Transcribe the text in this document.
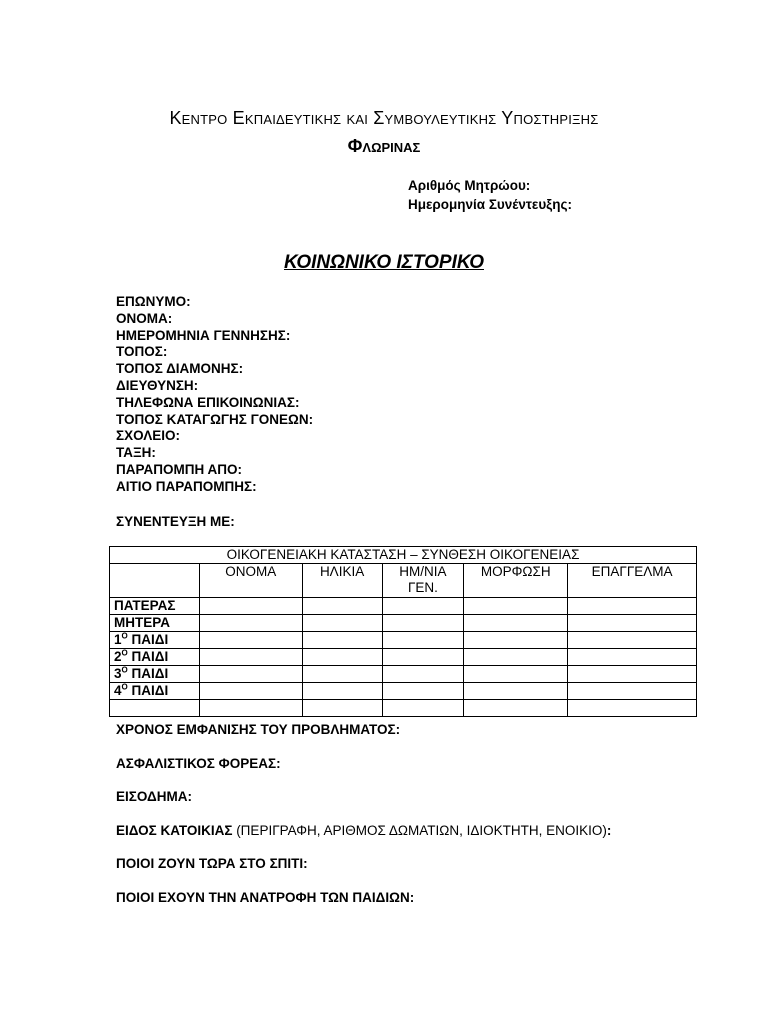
Κεντρο Εκπαιδευτικης και Συμβουλευτικης Υποστηριξης
Φλωρινας
Αριθμός Μητρώου:
Ημερομηνία Συνέντευξης:
ΚΟΙΝΩΝΙΚΟ ΙΣΤΟΡΙΚΟ
ΕΠΩΝΥΜΟ:
ΟΝΟΜΑ:
ΗΜΕΡΟΜΗΝΙΑ ΓΕΝΝΗΣΗΣ:
ΤΟΠΟΣ:
ΤΟΠΟΣ ΔΙΑΜΟΝΗΣ:
ΔΙΕΥΘΥΝΣΗ:
ΤΗΛΕΦΩΝΑ ΕΠΙΚΟΙΝΩΝΙΑΣ:
ΤΟΠΟΣ ΚΑΤΑΓΩΓΗΣ ΓΟΝΕΩΝ:
ΣΧΟΛΕΙΟ:
ΤΑΞΗ:
ΠΑΡΑΠΟΜΠΗ ΑΠΟ:
ΑΙΤΙΟ ΠΑΡΑΠΟΜΠΗΣ:
ΣΥΝΕΝΤΕΥΞΗ ΜΕ:
ΟΙΚΟΓΕΝΕΙΑΚΗ ΚΑΤΑΣΤΑΣΗ – ΣΥΝΘΕΣΗ ΟΙΚΟΓΕΝΕΙΑΣ					
	ΟΝΟΜΑ	ΗΛΙΚΙΑ	ΗΜ/ΝΙΑ ΓΕΝ.	ΜΟΡΦΩΣΗ	ΕΠΑΓΓΕΛΜΑ
ΠΑΤΕΡΑΣ					
ΜΗΤΕΡΑ					
$1^O$ ΠΑΙΔΙ					
$2^O$ ΠΑΙΔΙ					
$3^O$ ΠΑΙΔΙ					
$4^O$ ΠΑΙΔΙ					

ΧΡΟΝΟΣ ΕΜΦΑΝΙΣΗΣ ΤΟΥ ΠΡΟΒΛΗΜΑΤΟΣ:
ΑΣΦΑΛΙΣΤΙΚΟΣ ΦΟΡΕΑΣ:
ΕΙΣΟΔΗΜΑ:
ΕΙΔΟΣ ΚΑΤΟΙΚΙΑΣ (ΠΕΡΙΓΡΑΦΗ, ΑΡΙΘΜΟΣ ΔΩΜΑΤΙΩΝ, ΙΔΙΟΚΤΗΤΗ, ΕΝΟΙΚΙΟ):
ΠΟΙΟΙ ΖΟΥΝ ΤΩΡΑ ΣΤΟ ΣΠΙΤΙ:
ΠΟΙΟΙ ΕΧΟΥΝ ΤΗΝ ΑΝΑΤΡΟΦΗ ΤΩΝ ΠΑΙΔΙΩΝ:
